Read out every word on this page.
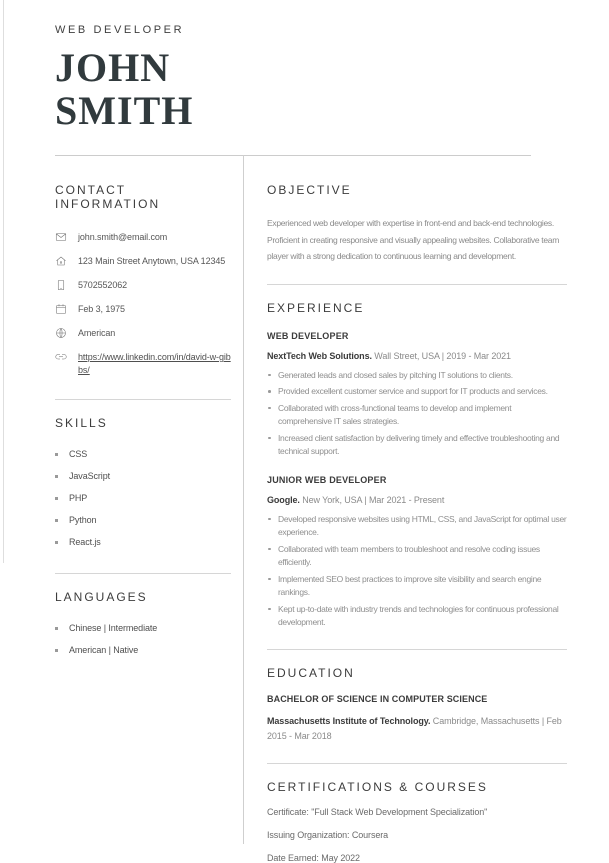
WEB DEVELOPER
JOHN
SMITH
CONTACT INFORMATION
john.smith@email.com
123 Main Street Anytown, USA 12345
5702552062
Feb 3, 1975
American
https://www.linkedin.com/in/david-w-gibbs/
SKILLS
CSS
JavaScript
PHP
Python
React.js
LANGUAGES
Chinese | Intermediate
American | Native
OBJECTIVE

Experienced web developer with expertise in front-end and back-end technologies. Proficient in creating responsive and visually appealing websites. Collaborative team player with a strong dedication to continuous learning and development.

EXPERIENCE

WEB DEVELOPER

NextTech Web Solutions. Wall Street, USA | 2019 - Mar 2021

Generated leads and closed sales by pitching IT solutions to clients.
Provided excellent customer service and support for IT products and services.
Collaborated with cross-functional teams to develop and implement comprehensive IT sales strategies.
Increased client satisfaction by delivering timely and effective troubleshooting and technical support.

JUNIOR WEB DEVELOPER

Google. New York, USA | Mar 2021 - Present

Developed responsive websites using HTML, CSS, and JavaScript for optimal user experience.
Collaborated with team members to troubleshoot and resolve coding issues efficiently.
Implemented SEO best practices to improve site visibility and search engine rankings.
Kept up-to-date with industry trends and technologies for continuous professional development.
EDUCATION

BACHELOR OF SCIENCE IN COMPUTER SCIENCE

Massachusetts Institute of Technology. Cambridge, Massachusetts | Feb 2015 - Mar 2018

CERTIFICATIONS & COURSES

Certificate: "Full Stack Web Development Specialization"

Issuing Organization: Coursera

Date Earned: May 2022
